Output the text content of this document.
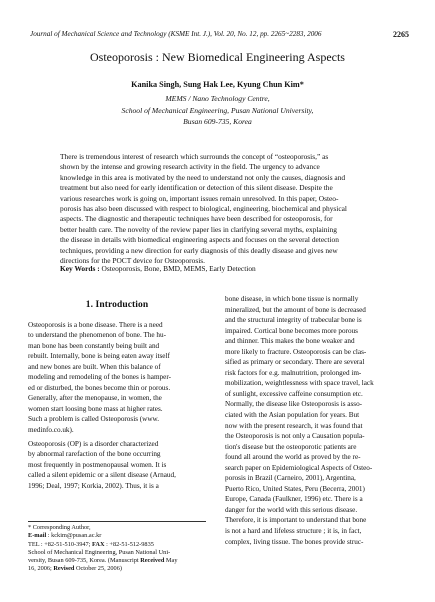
Journal of Mechanical Science and Technology (KSME Int. J.), Vol. 20, No. 12, pp. 2265~2283, 2006	2265
Osteoporosis : New Biomedical Engineering Aspects
Kanika Singh, Sung Hak Lee, Kyung Chun Kim*
MEMS / Nano Technology Centre,
School of Mechanical Engineering, Pusan National University,
Busan 609-735, Korea
There is tremendous interest of research which surrounds the concept of “osteoporosis,” as
shown by the intense and growing research activity in the field. The urgency to advance
knowledge in this area is motivated by the need to understand not only the causes, diagnosis and
treatment but also need for early identification or detection of this silent disease. Despite the
various researches work is going on, important issues remain unresolved. In this paper, Osteo-
porosis has also been discussed with respect to biological, engineering, biochemical and physical
aspects. The diagnostic and therapeutic techniques have been described for osteoporosis, for
better health care. The novelty of the review paper lies in clarifying several myths, explaining
the disease in details with biomedical engineering aspects and focuses on the several detection
techniques, providing a new direction for early diagnosis of this deadly disease and gives new
directions for the POCT device for Osteoporosis.
Key Words : Osteoporosis, Bone, BMD, MEMS, Early Detection
1. Introduction
Osteoporosis is a bone disease. There is a need
to understand the phenomenon of bone. The hu-
man bone has been constantly being built and
rebuilt. Internally, bone is being eaten away itself
and new bones are built. When this balance of
modeling and remodeling of the bones is hamper-
ed or disturbed, the bones become thin or porous.
Generally, after the menopause, in women, the
women start loosing bone mass at higher rates.
Such a problem is called Osteoporosis (www.
medinfo.co.uk).
Osteoporosis (OP) is a disorder characterized
by abnormal rarefaction of the bone occurring
most frequently in postmenopausal women. It is
called a silent epidemic or a silent disease (Arnaud,
1996; Deal, 1997; Korkia, 2002). Thus, it is a
bone disease, in which bone tissue is normally
mineralized, but the amount of bone is decreased
and the structural integrity of trabecular bone is
impaired. Cortical bone becomes more porous
and thinner. This makes the bone weaker and
more likely to fracture. Osteoporosis can be clas-
sified as primary or secondary. There are several
risk factors for e.g. malnutrition, prolonged im-
mobilization, weightlessness with space travel, lack
of sunlight, excessive caffeine consumption etc.
Normally, the disease like Osteoporosis is asso-
ciated with the Asian population for years. But
now with the present research, it was found that
the Osteoporosis is not only a Causation popula-
tion's disease but the osteoporotic patients are
found all around the world as proved by the re-
search paper on Epidemiological Aspects of Osteo-
porosis in Brazil (Carneiro, 2001), Argentina,
Puerto Rico, United States, Peru (Becerra, 2001)
Europe, Canada (Faulkner, 1996) etc. There is a
danger for the world with this serious disease.
Therefore, it is important to understand that bone
is not a hard and lifeless structure ; it is, in fact,
complex, living tissue. The bones provide struc-
* Corresponding Author,
E-mail : kckim@pusan.ac.kr
TEL : +82-51-510-3947; FAX : +82-51-512-9835
School of Mechanical Engineering, Pusan National Uni-
versity, Busan 609-735, Korea. (Manuscript Received May
16, 2006; Revised October 25, 2006)
